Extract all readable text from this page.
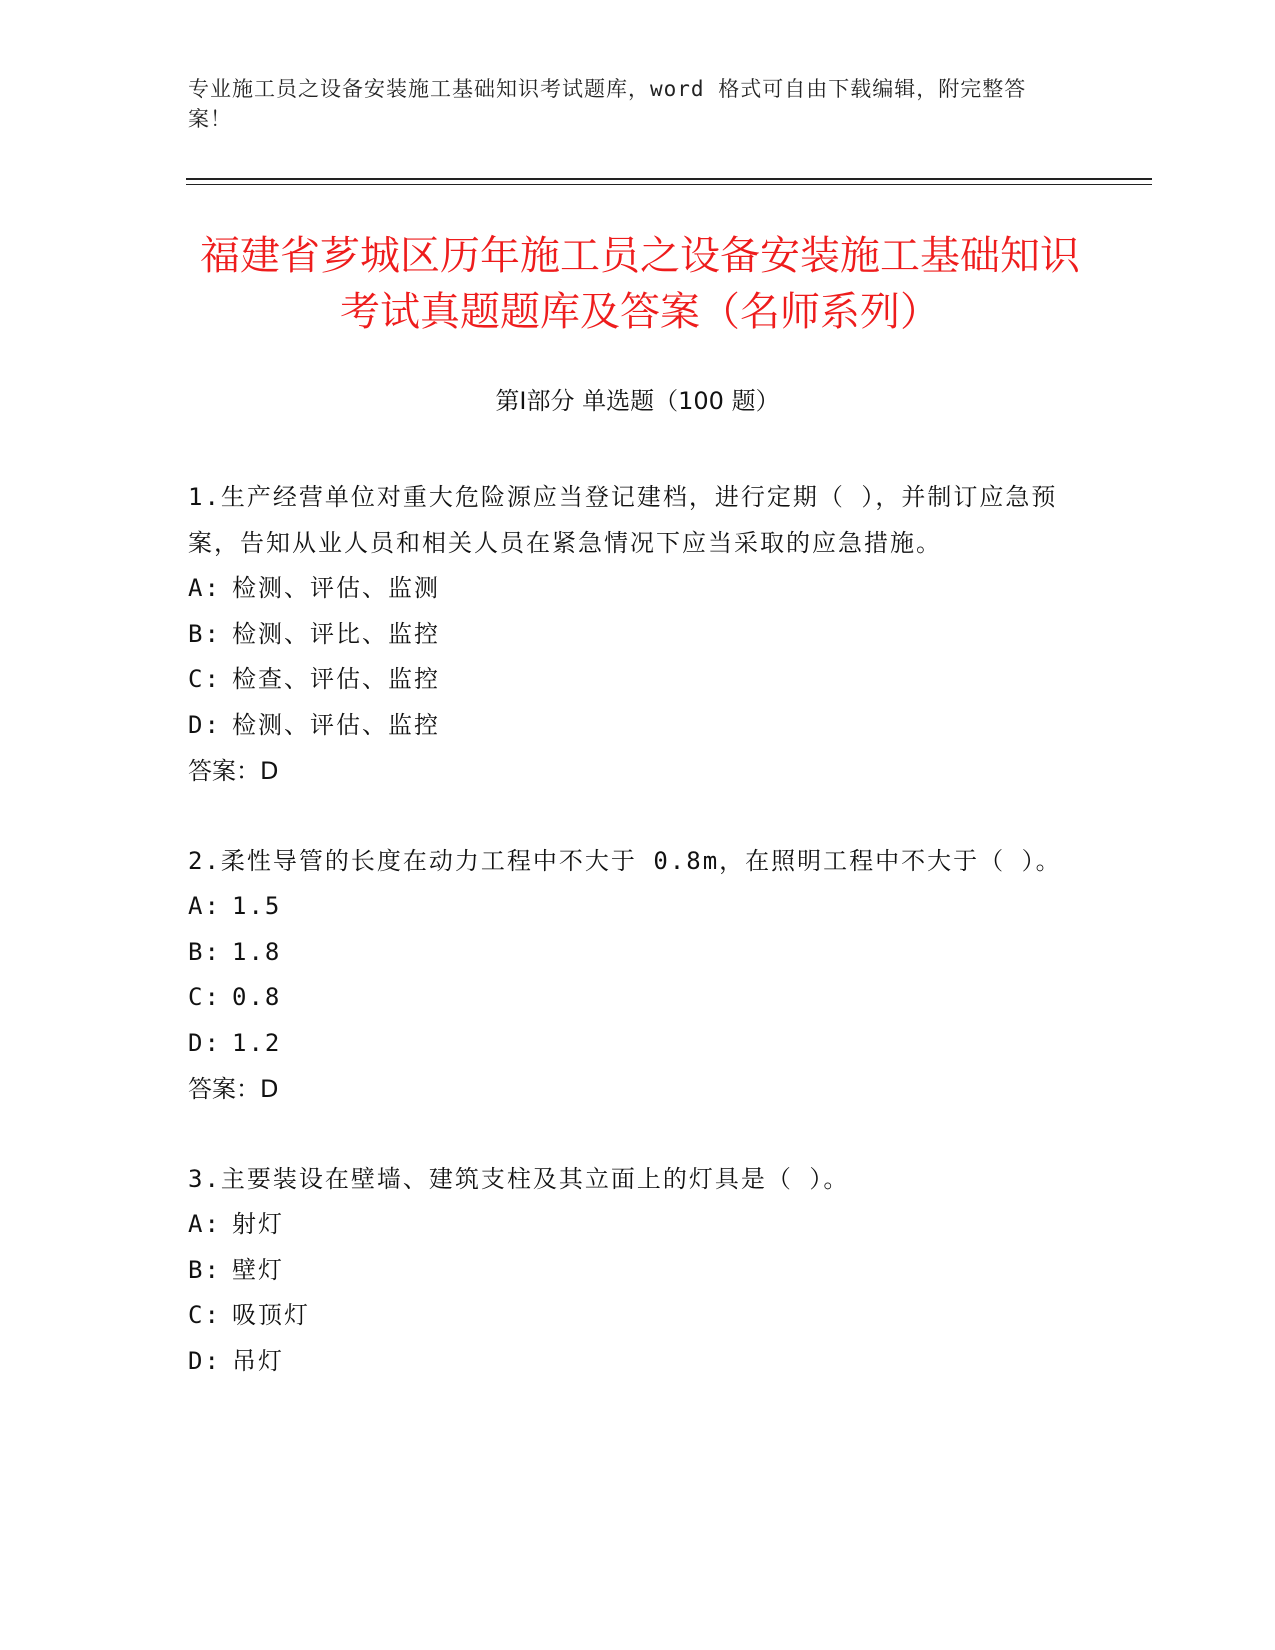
专业施工员之设备安装施工基础知识考试题库，word 格式可自由下载编辑，附完整答案！
福建省芗城区历年施工员之设备安装施工基础知识考试真题题库及答案（名师系列）
第Ⅰ部分 单选题（100 题）
1.生产经营单位对重大危险源应当登记建档，进行定期（ ），并制订应急预案，告知从业人员和相关人员在紧急情况下应当采取的应急措施。
A: 检测、评估、监测
B: 检测、评比、监控
C: 检查、评估、监控
D: 检测、评估、监控
答案：D
2.柔性导管的长度在动力工程中不大于 0.8m，在照明工程中不大于（ ）。
A: 1.5
B: 1.8
C: 0.8
D: 1.2
答案：D
3.主要装设在壁墙、建筑支柱及其立面上的灯具是（ ）。
A: 射灯
B: 壁灯
C: 吸顶灯
D: 吊灯
